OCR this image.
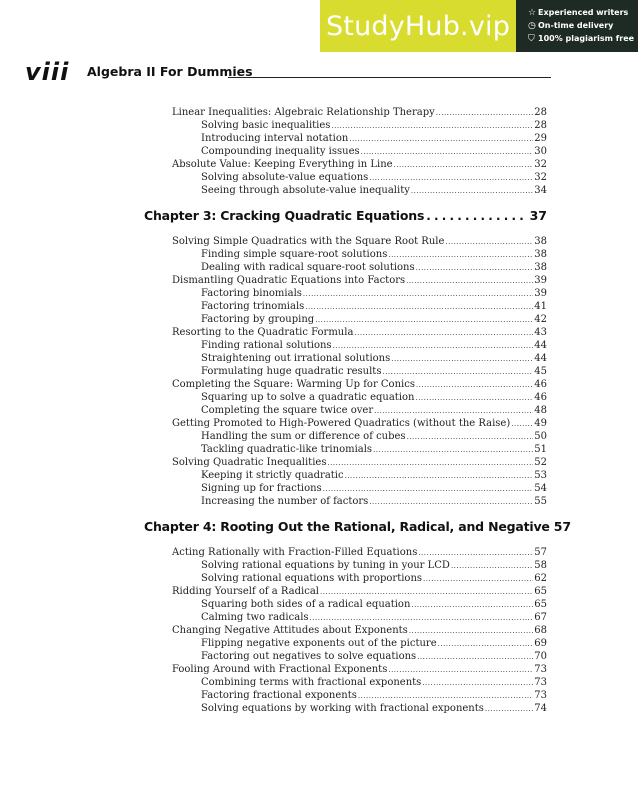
StudyHub.vip	☆ Experienced writers
◷ On-time delivery
⛉ 100% plagiarism free
viii Algebra II For Dummies
Linear Inequalities: Algebraic Relationship Therapy .....	28
Solving basic inequalities .....	28
Introducing interval notation .....	29
Compounding inequality issues .....	30
Absolute Value: Keeping Everything in Line .....	32
Solving absolute-value equations .....	32
Seeing through absolute-value inequality .....	34
Chapter 3: Cracking Quadratic Equations .....	37
Solving Simple Quadratics with the Square Root Rule .....	38
Finding simple square-root solutions .....	38
Dealing with radical square-root solutions .....	38
Dismantling Quadratic Equations into Factors .....	39
Factoring binomials .....	39
Factoring trinomials .....	41
Factoring by grouping .....	42
Resorting to the Quadratic Formula .....	43
Finding rational solutions .....	44
Straightening out irrational solutions .....	44
Formulating huge quadratic results .....	45
Completing the Square: Warming Up for Conics .....	46
Squaring up to solve a quadratic equation .....	46
Completing the square twice over .....	48
Getting Promoted to High-Powered Quadratics (without the Raise) ..... 49
Handling the sum or difference of cubes .....	50
Tackling quadratic-like trinomials .....	51
Solving Quadratic Inequalities .....	52
Keeping it strictly quadratic .....	53
Signing up for fractions .....	54
Increasing the number of factors .....	55
Chapter 4: Rooting Out the Rational, Radical, and Negative 57
Acting Rationally with Fraction-Filled Equations .....	57
Solving rational equations by tuning in your LCD .....	58
Solving rational equations with proportions .....	62
Ridding Yourself of a Radical .....	65
Squaring both sides of a radical equation .....	65
Calming two radicals .....	67
Changing Negative Attitudes about Exponents .....	68
Flipping negative exponents out of the picture .....	69
Factoring out negatives to solve equations .....	70
Fooling Around with Fractional Exponents .....	73
Combining terms with fractional exponents .....	73
Factoring fractional exponents .....	73
Solving equations by working with fractional exponents .....	74
